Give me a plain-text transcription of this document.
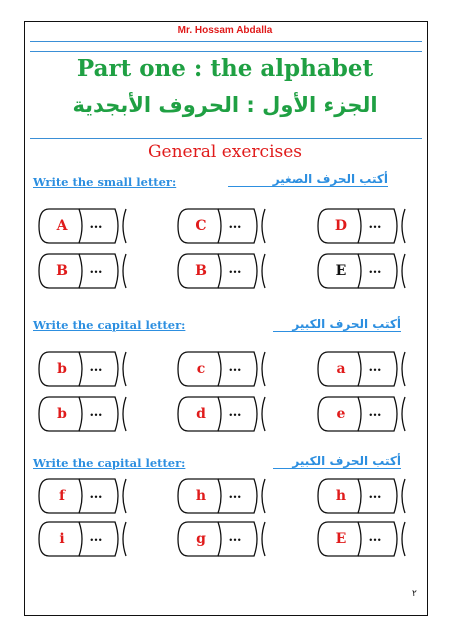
Mr. Hossam Abdalla
Part one : the alphabet
الجزء الأول : الحروف الأبجدية
General exercises
Write the small letter:	أكتب الحرف الصغير
Write the capital letter:	أكتب الحرف الكبير
Write the capital letter:	أكتب الحرف الكبير
A	…	C	…	D	…
B	…	B	…	E	…
b	…	c	…	a	…
b	…	d	…	e	…
f	…	h	…	h	…
i	…	g	…	E	…
٢
